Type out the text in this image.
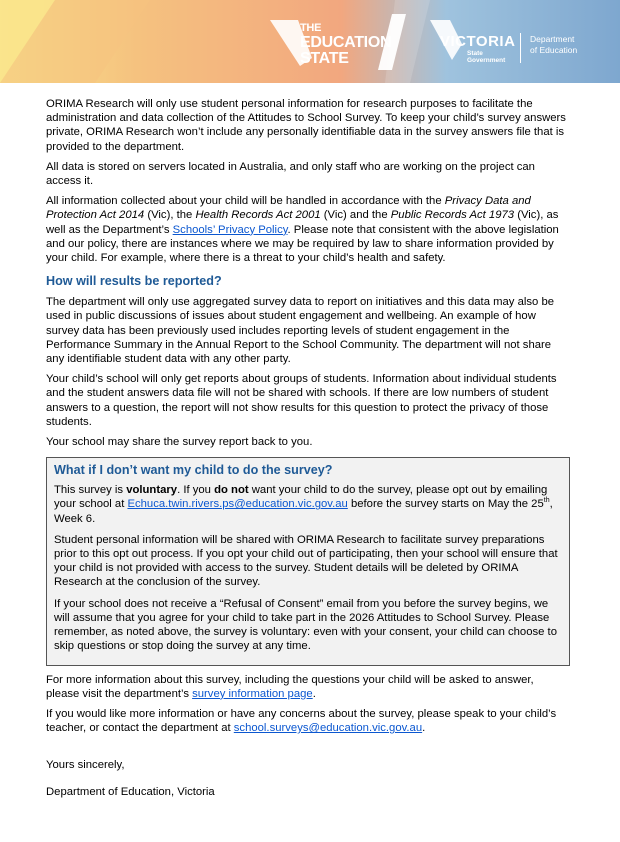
THE
EDUCATION
STATE
VICTORIA
State
Government
Department
of Education

ORIMA Research will only use student personal information for research purposes to facilitate the administration and data collection of the Attitudes to School Survey. To keep your child’s survey answers private, ORIMA Research won’t include any personally identifiable data in the survey answers file that is provided to the department.

All data is stored on servers located in Australia, and only staff who are working on the project can access it.

All information collected about your child will be handled in accordance with the Privacy Data and Protection Act 2014 (Vic), the Health Records Act 2001 (Vic) and the Public Records Act 1973 (Vic), as well as the Department’s Schools’ Privacy Policy. Please note that consistent with the above legislation and our policy, there are instances where we may be required by law to share information provided by your child. For example, where there is a threat to your child’s health and safety.

How will results be reported?

The department will only use aggregated survey data to report on initiatives and this data may also be used in public discussions of issues about student engagement and wellbeing. An example of how survey data has been previously used includes reporting levels of student engagement in the Performance Summary in the Annual Report to the School Community. The department will not share any identifiable student data with any other party.

Your child’s school will only get reports about groups of students. Information about individual students and the student answers data file will not be shared with schools. If there are low numbers of student answers to a question, the report will not show results for this question to protect the privacy of those students.

Your school may share the survey report back to you.

What if I don’t want my child to do the survey?

This survey is voluntary. If you do not want your child to do the survey, please opt out by emailing your school at Echuca.twin.rivers.ps@education.vic.gov.au before the survey starts on May the 25th, Week 6.

Student personal information will be shared with ORIMA Research to facilitate survey preparations prior to this opt out process. If you opt your child out of participating, then your school will ensure that your child is not provided with access to the survey. Student details will be deleted by ORIMA Research at the conclusion of the survey.

If your school does not receive a “Refusal of Consent” email from you before the survey begins, we will assume that you agree for your child to take part in the 2026 Attitudes to School Survey. Please remember, as noted above, the survey is voluntary: even with your consent, your child can choose to skip questions or stop doing the survey at any time.

For more information about this survey, including the questions your child will be asked to answer, please visit the department’s survey information page.

If you would like more information or have any concerns about the survey, please speak to your child’s teacher, or contact the department at school.surveys@education.vic.gov.au.

Yours sincerely,

Department of Education, Victoria
